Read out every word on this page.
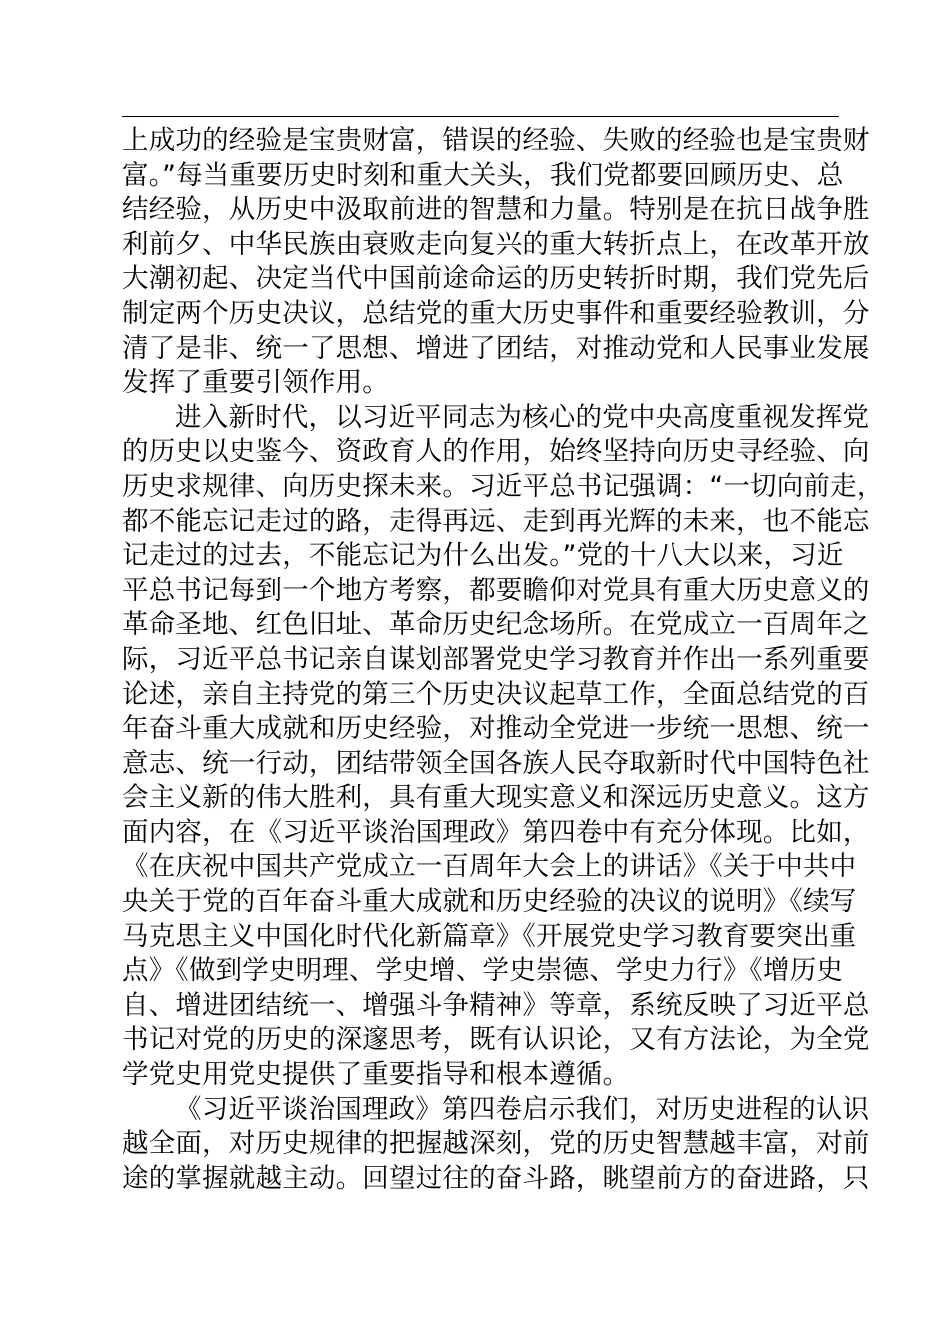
上成功的经验是宝贵财富，错误的经验、失败的经验也是宝贵财
富。”每当重要历史时刻和重大关头，我们党都要回顾历史、总
结经验，从历史中汲取前进的智慧和力量。特别是在抗日战争胜
利前夕、中华民族由衰败走向复兴的重大转折点上，在改革开放
大潮初起、决定当代中国前途命运的历史转折时期，我们党先后
制定两个历史决议，总结党的重大历史事件和重要经验教训，分
清了是非、统一了思想、增进了团结，对推动党和人民事业发展
发挥了重要引领作用。
进入新时代，以习近平同志为核心的党中央高度重视发挥党
的历史以史鉴今、资政育人的作用，始终坚持向历史寻经验、向
历史求规律、向历史探未来。习近平总书记强调：“一切向前走，
都不能忘记走过的路，走得再远、走到再光辉的未来，也不能忘
记走过的过去，不能忘记为什么出发。”党的十八大以来，习近
平总书记每到一个地方考察，都要瞻仰对党具有重大历史意义的
革命圣地、红色旧址、革命历史纪念场所。在党成立一百周年之
际，习近平总书记亲自谋划部署党史学习教育并作出一系列重要
论述，亲自主持党的第三个历史决议起草工作，全面总结党的百
年奋斗重大成就和历史经验，对推动全党进一步统一思想、统一
意志、统一行动，团结带领全国各族人民夺取新时代中国特色社
会主义新的伟大胜利，具有重大现实意义和深远历史意义。这方
面内容，在《习近平谈治国理政》第四卷中有充分体现。比如，
《在庆祝中国共产党成立一百周年大会上的讲话》《关于中共中
央关于党的百年奋斗重大成就和历史经验的决议的说明》《续写
马克思主义中国化时代化新篇章》《开展党史学习教育要突出重
点》《做到学史明理、学史增、学史崇德、学史力行》《增历史
自、增进团结统一、增强斗争精神》等章，系统反映了习近平总
书记对党的历史的深邃思考，既有认识论，又有方法论，为全党
学党史用党史提供了重要指导和根本遵循。
《习近平谈治国理政》第四卷启示我们，对历史进程的认识
越全面，对历史规律的把握越深刻，党的历史智慧越丰富，对前
途的掌握就越主动。回望过往的奋斗路，眺望前方的奋进路，只
